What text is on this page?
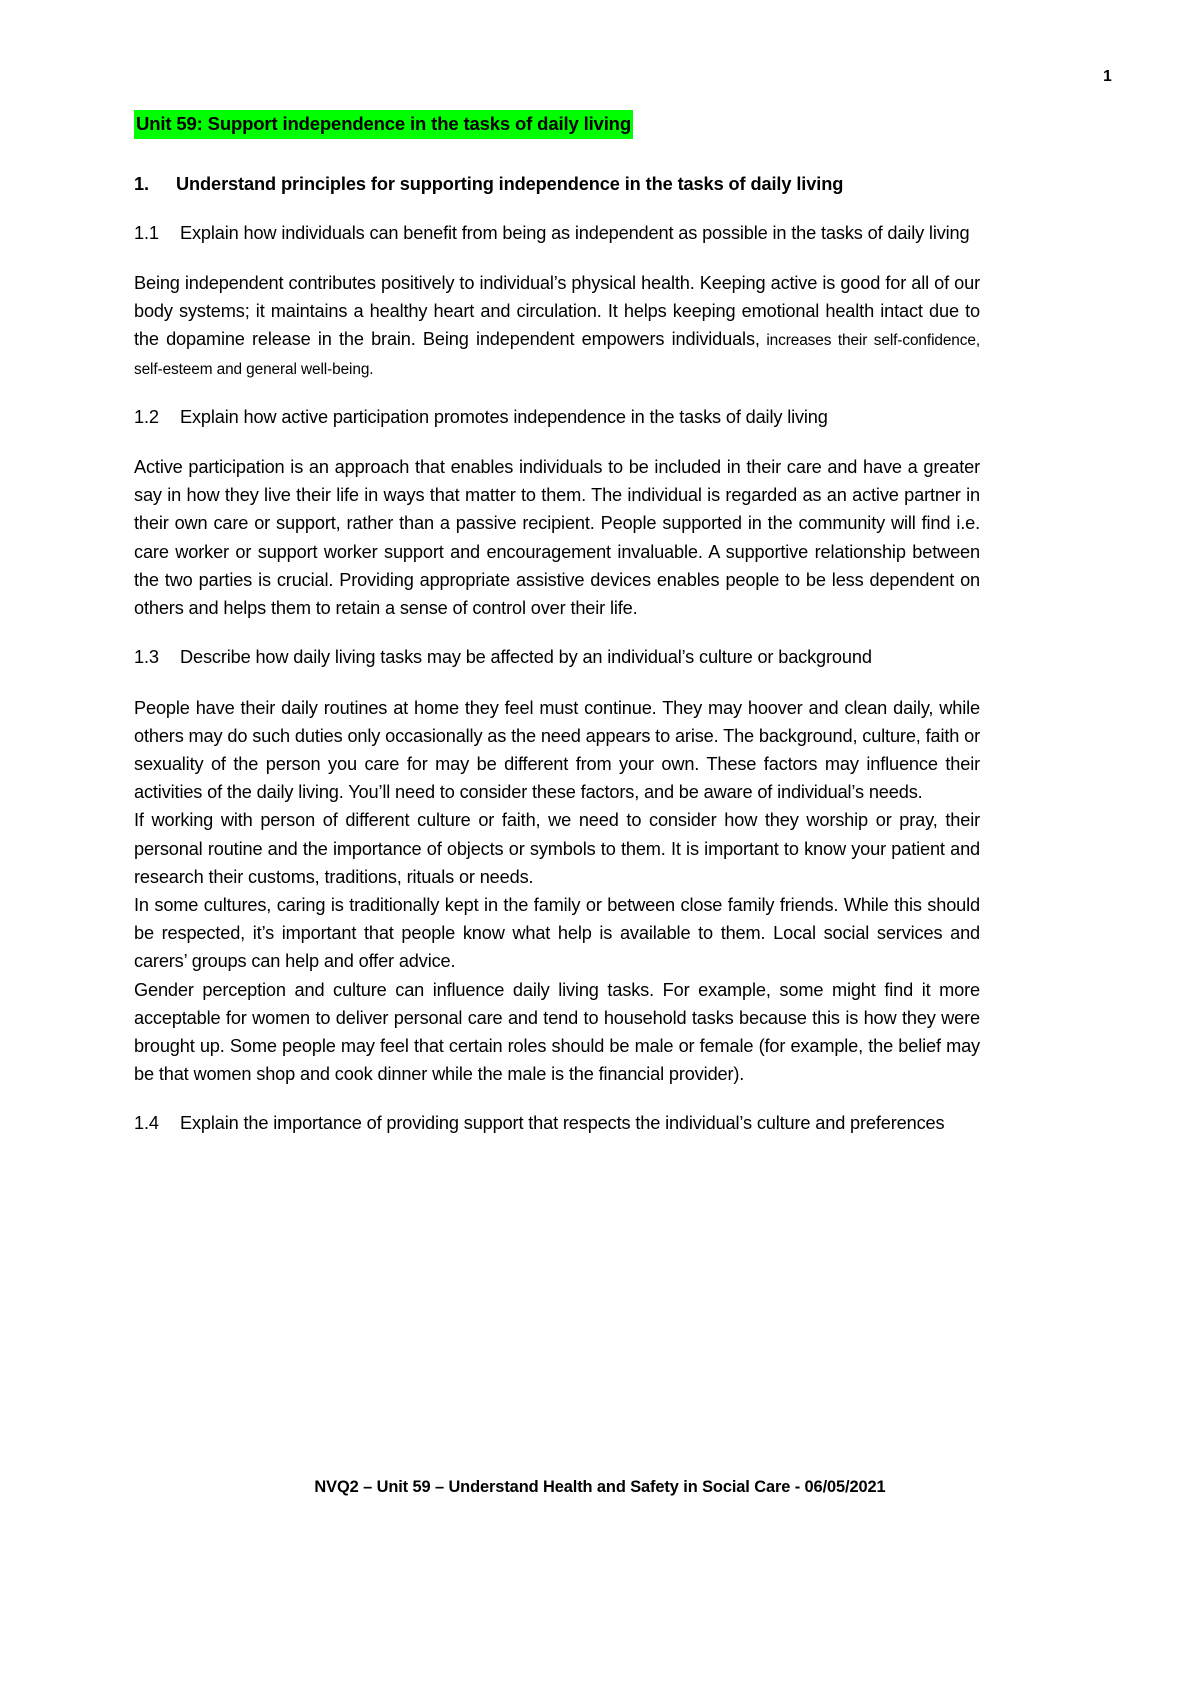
1
Unit 59: Support independence in the tasks of daily living
1.	Understand principles for supporting independence in the tasks of daily living
1.1 Explain how individuals can benefit from being as independent as possible in the tasks of daily living

Being independent contributes positively to individual’s physical health. Keeping active is good for all of our body systems; it maintains a healthy heart and circulation. It helps keeping emotional health intact due to the dopamine release in the brain. Being independent empowers individuals, increases their self-confidence, self-esteem and general well-being.

1.2 Explain how active participation promotes independence in the tasks of daily living

Active participation is an approach that enables individuals to be included in their care and have a greater say in how they live their life in ways that matter to them. The individual is regarded as an active partner in their own care or support, rather than a passive recipient. People supported in the community will find i.e. care worker or support worker support and encouragement invaluable. A supportive relationship between the two parties is crucial. Providing appropriate assistive devices enables people to be less dependent on others and helps them to retain a sense of control over their life.

1.3 Describe how daily living tasks may be affected by an individual’s culture or background

People have their daily routines at home they feel must continue. They may hoover and clean daily, while others may do such duties only occasionally as the need appears to arise. The background, culture, faith or sexuality of the person you care for may be different from your own. These factors may influence their activities of the daily living. You’ll need to consider these factors, and be aware of individual’s needs.

If working with person of different culture or faith, we need to consider how they worship or pray, their personal routine and the importance of objects or symbols to them. It is important to know your patient and research their customs, traditions, rituals or needs.

In some cultures, caring is traditionally kept in the family or between close family friends. While this should be respected, it’s important that people know what help is available to them. Local social services and carers’ groups can help and offer advice.

Gender perception and culture can influence daily living tasks. For example, some might find it more acceptable for women to deliver personal care and tend to household tasks because this is how they were brought up. Some people may feel that certain roles should be male or female (for example, the belief may be that women shop and cook dinner while the male is the financial provider).

1.4 Explain the importance of providing support that respects the individual’s culture and preferences
NVQ2 – Unit 59 – Understand Health and Safety in Social Care - 06/05/2021
